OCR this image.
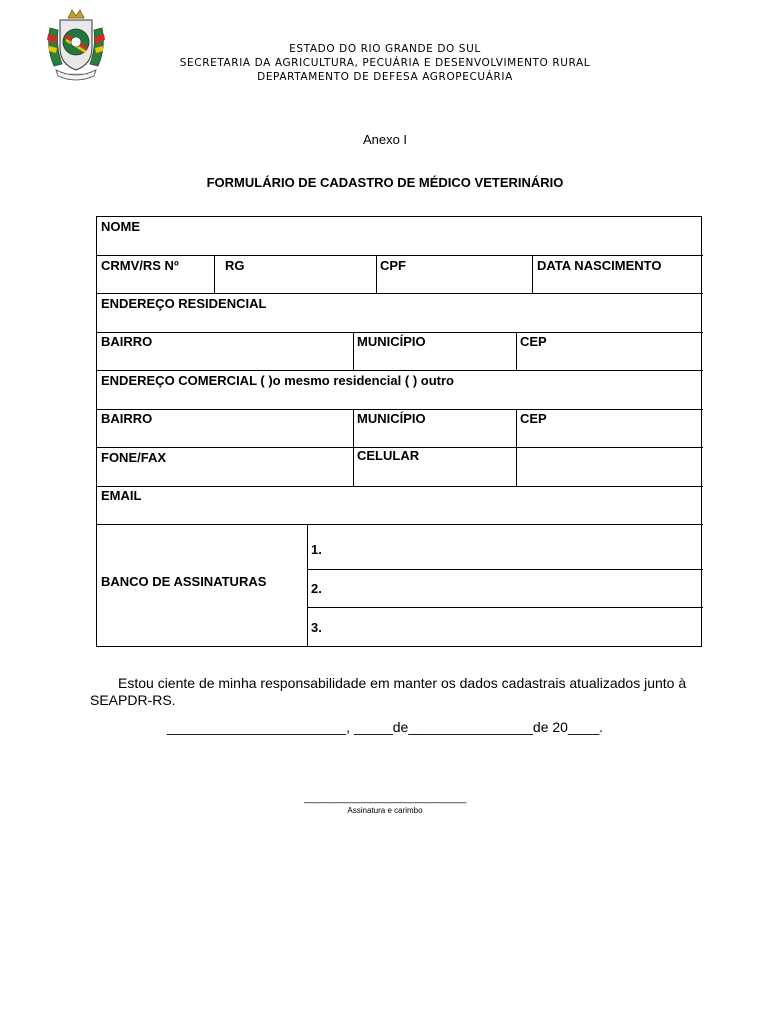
ESTADO DO RIO GRANDE DO SUL
SECRETARIA DA AGRICULTURA, PECUÁRIA E DESENVOLVIMENTO RURAL
DEPARTAMENTO DE DEFESA AGROPECUÁRIA
Anexo I
FORMULÁRIO DE CADASTRO DE MÉDICO VETERINÁRIO
NOME
CRMV/RS Nº	RG	CPF	DATA NASCIMENTO
ENDEREÇO RESIDENCIAL
BAIRRO	MUNICÍPIO	CEP
ENDEREÇO COMERCIAL ( )o mesmo residencial ( ) outro
BAIRRO	MUNICÍPIO	CEP
FONE/FAX	CELULAR
EMAIL
BANCO DE ASSINATURAS
1.
2.
3.
Estou ciente de minha responsabilidade em manter os dados cadastrais atualizados junto à SEAPDR-RS.
_______________________, _____de________________de 20____.
________________________________
Assinatura e carimbo
